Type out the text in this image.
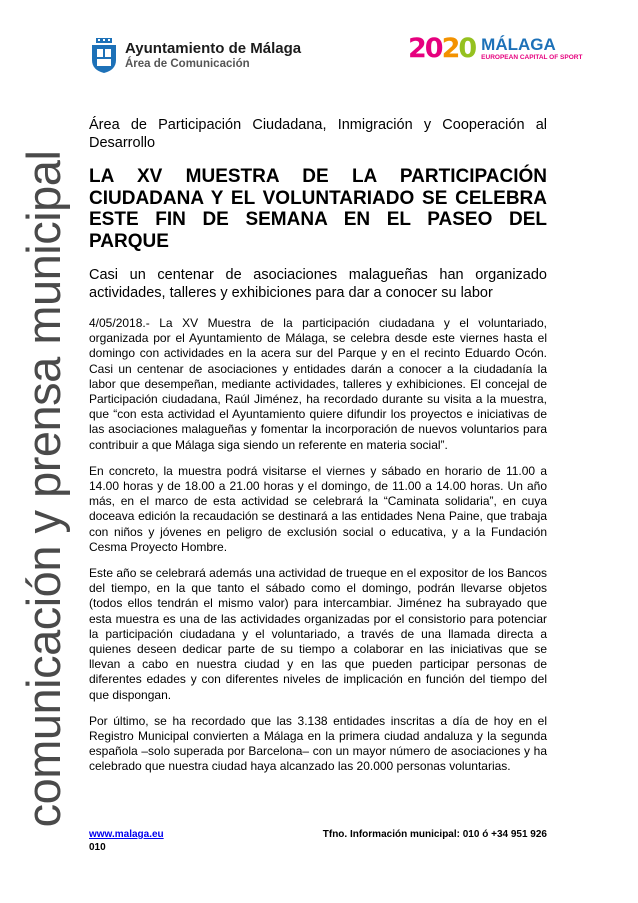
comunicación y prensa municipal
Ayuntamiento de Málaga
Área de Comunicación	2020 MÁLAGA
EUROPEAN CAPITAL OF SPORT

Área de Participación Ciudadana, Inmigración y Cooperación al Desarrollo

LA XV MUESTRA DE LA PARTICIPACIÓN CIUDADANA Y EL VOLUNTARIADO SE CELEBRA ESTE FIN DE SEMANA EN EL PASEO DEL PARQUE

Casi un centenar de asociaciones malagueñas han organizado actividades, talleres y exhibiciones para dar a conocer su labor

4/05/2018.- La XV Muestra de la participación ciudadana y el voluntariado, organizada por el Ayuntamiento de Málaga, se celebra desde este viernes hasta el domingo con actividades en la acera sur del Parque y en el recinto Eduardo Ocón. Casi un centenar de asociaciones y entidades darán a conocer a la ciudadanía la labor que desempeñan, mediante actividades, talleres y exhibiciones. El concejal de Participación ciudadana, Raúl Jiménez, ha recordado durante su visita a la muestra, que “con esta actividad el Ayuntamiento quiere difundir los proyectos e iniciativas de las asociaciones malagueñas y fomentar la incorporación de nuevos voluntarios para contribuir a que Málaga siga siendo un referente en materia social”.

En concreto, la muestra podrá visitarse el viernes y sábado en horario de 11.00 a 14.00 horas y de 18.00 a 21.00 horas y el domingo, de 11.00 a 14.00 horas. Un año más, en el marco de esta actividad se celebrará la “Caminata solidaria”, en cuya doceava edición la recaudación se destinará a las entidades Nena Paine, que trabaja con niños y jóvenes en peligro de exclusión social o educativa, y a la Fundación Cesma Proyecto Hombre.

Este año se celebrará además una actividad de trueque en el expositor de los Bancos del tiempo, en la que tanto el sábado como el domingo, podrán llevarse objetos (todos ellos tendrán el mismo valor) para intercambiar. Jiménez ha subrayado que esta muestra es una de las actividades organizadas por el consistorio para potenciar la participación ciudadana y el voluntariado, a través de una llamada directa a quienes deseen dedicar parte de su tiempo a colaborar en las iniciativas que se llevan a cabo en nuestra ciudad y en las que pueden participar personas de diferentes edades y con diferentes niveles de implicación en función del tiempo del que dispongan.

Por último, se ha recordado que las 3.138 entidades inscritas a día de hoy en el Registro Municipal convierten a Málaga en la primera ciudad andaluza y la segunda española –solo superada por Barcelona– con un mayor número de asociaciones y ha celebrado que nuestra ciudad haya alcanzado las 20.000 personas voluntarias.

www.malaga.eu	Tfno. Información municipal: 010 ó +34 951 926
010
